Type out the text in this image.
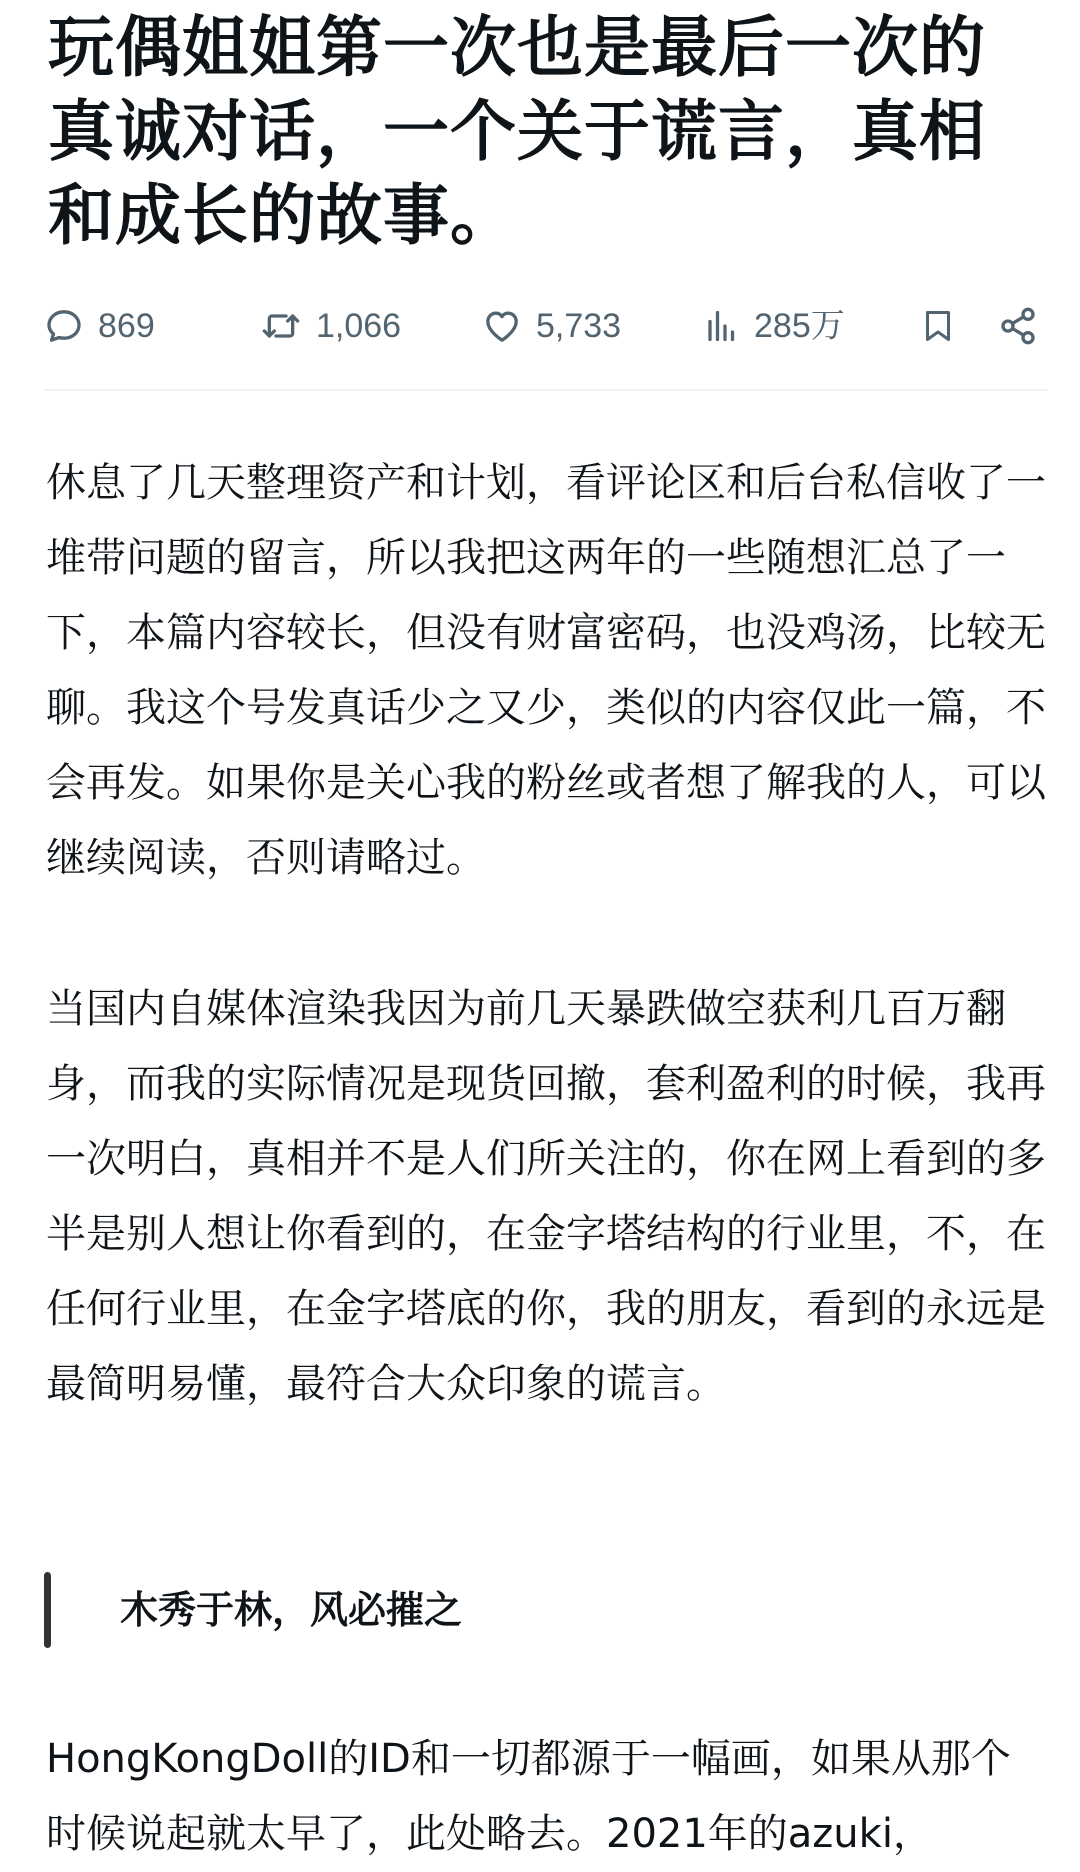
玩偶姐姐第一次也是最后一次的真诚对话，一个关于谎言，真相和成长的故事。
869	1,066	5,733	285万

休息了几天整理资产和计划，看评论区和后台私信收了一堆带问题的留言，所以我把这两年的一些随想汇总了一下，本篇内容较长，但没有财富密码，也没鸡汤，比较无聊。我这个号发真话少之又少，类似的内容仅此一篇，不会再发。如果你是关心我的粉丝或者想了解我的人，可以继续阅读，否则请略过。

当国内自媒体渲染我因为前几天暴跌做空获利几百万翻身，而我的实际情况是现货回撤，套利盈利的时候，我再一次明白，真相并不是人们所关注的，你在网上看到的多半是别人想让你看到的，在金字塔结构的行业里，不，在任何行业里，在金字塔底的你，我的朋友，看到的永远是最简明易懂，最符合大众印象的谎言。

木秀于林，风必摧之

HongKongDoll的ID和一切都源于一幅画，如果从那个时候说起就太早了，此处略去。2021年的azuki，
